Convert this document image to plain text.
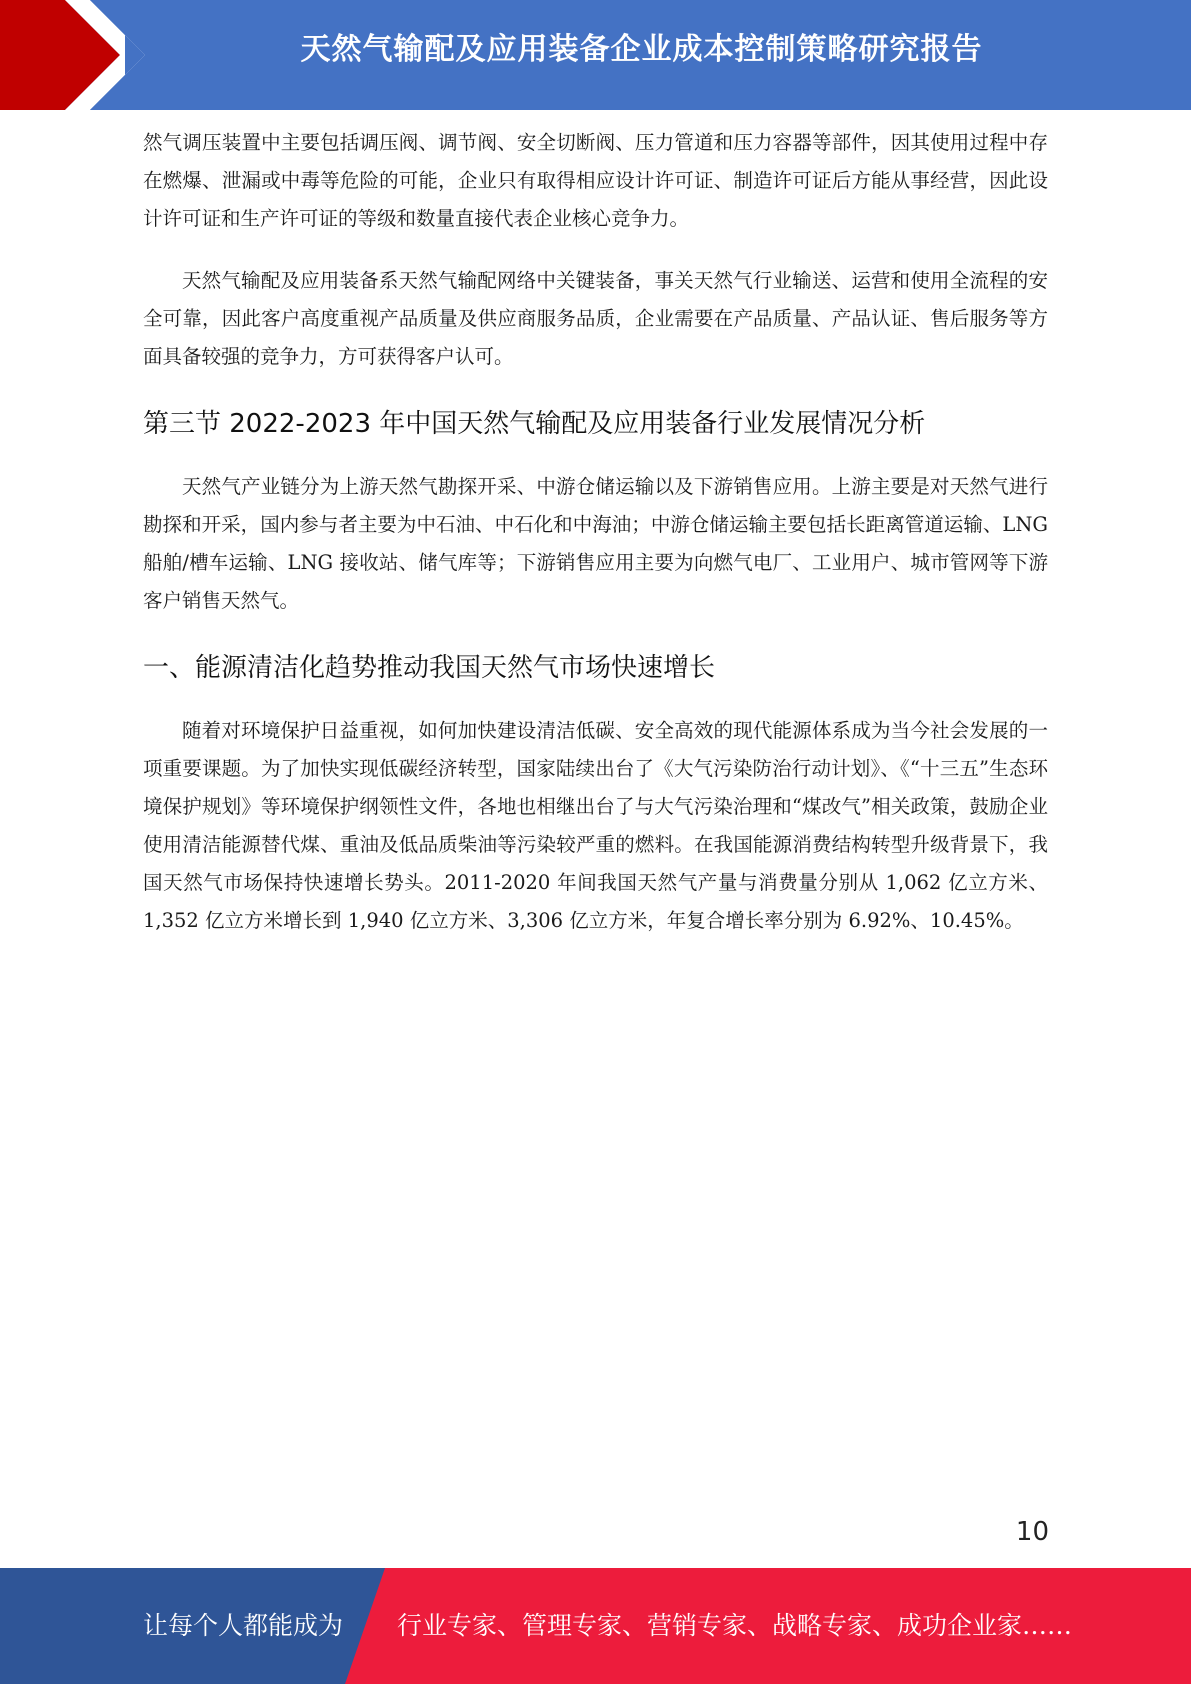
天然气输配及应用装备企业成本控制策略研究报告

然气调压装置中主要包括调压阀、调节阀、安全切断阀、压力管道和压力容器等部件，因其使用过程中存在燃爆、泄漏或中毒等危险的可能，企业只有取得相应设计许可证、制造许可证后方能从事经营，因此设计许可证和生产许可证的等级和数量直接代表企业核心竞争力。

天然气输配及应用装备系天然气输配网络中关键装备，事关天然气行业输送、运营和使用全流程的安全可靠，因此客户高度重视产品质量及供应商服务品质，企业需要在产品质量、产品认证、售后服务等方面具备较强的竞争力，方可获得客户认可。

第三节 2022-2023 年中国天然气输配及应用装备行业发展情况分析

天然气产业链分为上游天然气勘探开采、中游仓储运输以及下游销售应用。上游主要是对天然气进行勘探和开采，国内参与者主要为中石油、中石化和中海油；中游仓储运输主要包括长距离管道运输、LNG 船舶/槽车运输、LNG 接收站、储气库等；下游销售应用主要为向燃气电厂、工业用户、城市管网等下游客户销售天然气。

一、能源清洁化趋势推动我国天然气市场快速增长

随着对环境保护日益重视，如何加快建设清洁低碳、安全高效的现代能源体系成为当今社会发展的一项重要课题。为了加快实现低碳经济转型，国家陆续出台了《大气污染防治行动计划》、《“十三五”生态环境保护规划》等环境保护纲领性文件，各地也相继出台了与大气污染治理和“煤改气”相关政策，鼓励企业使用清洁能源替代煤、重油及低品质柴油等污染较严重的燃料。在我国能源消费结构转型升级背景下，我国天然气市场保持快速增长势头。2011-2020 年间我国天然气产量与消费量分别从 1,062 亿立方米、1,352 亿立方米增长到 1,940 亿立方米、3,306 亿立方米，年复合增长率分别为 6.92%、10.45%。

10
让每个人都能成为 行业专家、管理专家、营销专家、战略专家、成功企业家……
